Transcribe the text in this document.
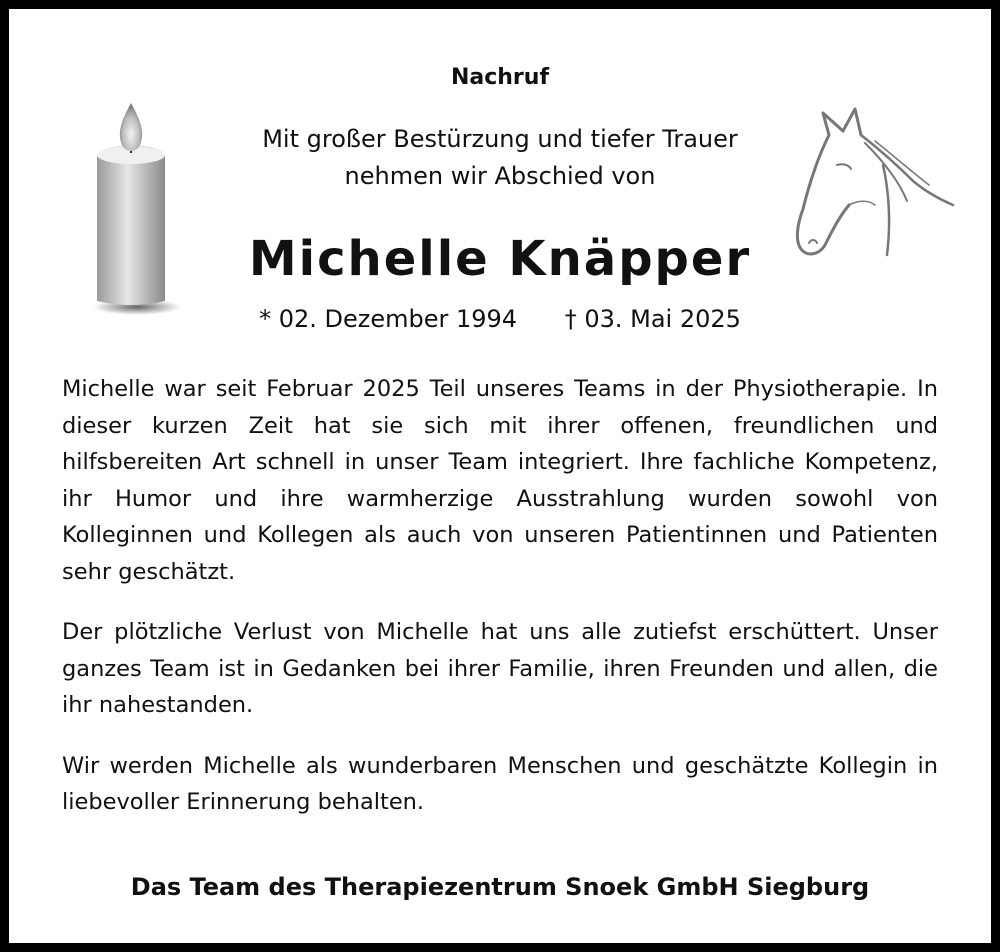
Nachruf
Mit großer Bestürzung und tiefer Trauer
nehmen wir Abschied von
Michelle Knäpper
* 02. Dezember 1994 † 03. Mai 2025

Michelle war seit Februar 2025 Teil unseres Teams in der Physiotherapie. In dieser kurzen Zeit hat sie sich mit ihrer offenen, freundlichen und hilfsbereiten Art schnell in unser Team integriert. Ihre fachliche Kompetenz, ihr Humor und ihre warmherzige Ausstrahlung wurden sowohl von Kolleginnen und Kollegen als auch von unseren Patientinnen und Patienten sehr geschätzt.

Der plötzliche Verlust von Michelle hat uns alle zutiefst erschüttert. Unser ganzes Team ist in Gedanken bei ihrer Familie, ihren Freunden und allen, die ihr nahestanden.

Wir werden Michelle als wunderbaren Menschen und geschätzte Kollegin in liebevoller Erinnerung behalten.

Das Team des Therapiezentrum Snoek GmbH Siegburg
